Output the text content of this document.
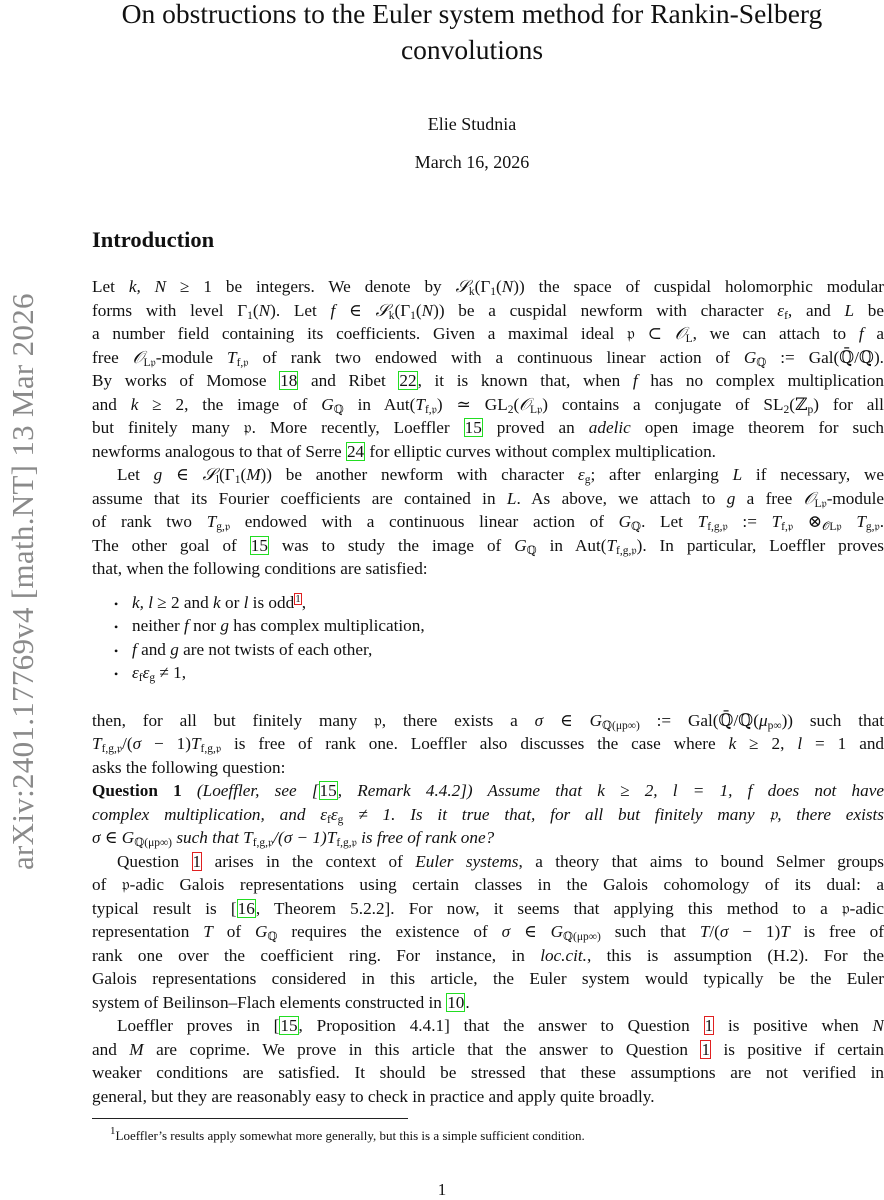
On obstructions to the Euler system method for Rankin-Selberg
convolutions
Elie Studnia
March 16, 2026
arXiv:2401.17769v4 [math.NT] 13 Mar 2026
Introduction
Let k, N ≥ 1 be integers. We denote by $𝒮_k(\Gamma_1(N))$ the space of cuspidal holomorphic modular
forms with level $\Gamma_1(N)$. Let f ∈ $𝒮_k(\Gamma_1(N))$ be a cuspidal newform with character $\varepsilon_f$, and L be
a number field containing its coefficients. Given a maximal ideal 𝔭 ⊂ 𝒪$_L$, we can attach to f a
free 𝒪$_{L𝔭}$-module $T_{f,𝔭}$ of rank two endowed with a continuous linear action of $G_ℚ$ := Gal(ℚ̄/ℚ).
By works of Momose 18 and Ribet 22, it is known that, when f has no complex multiplication
and k ≥ 2, the image of $G_ℚ$ in $Aut(T_{f,𝔭})$ ≃ $GL_2(𝒪_{L𝔭})$ contains a conjugate of $SL_2(ℤ_p)$ for all
but finitely many 𝔭. More recently, Loeffler 15 proved an adelic open image theorem for such
newforms analogous to that of Serre 24 for elliptic curves without complex multiplication.
Let g ∈ $𝒮_l(\Gamma_1(M))$ be another newform with character $\varepsilon_g$; after enlarging L if necessary, we
assume that its Fourier coefficients are contained in L. As above, we attach to g a free 𝒪$_{L𝔭}$-module
of rank two $T_{g,𝔭}$ endowed with a continuous linear action of $G_ℚ$. Let $T_{f,g,𝔭}$ := $T_{f,𝔭}$ $\otimes_{𝒪L𝔭}$ $T_{g,𝔭}$.
The other goal of 15 was to study the image of $G_ℚ$ in $Aut(T_{f,g,𝔭})$. In particular, Loeffler proves
that, when the following conditions are satisfied:
• k, l ≥ 2 and k or l is odd$^1$,
• neither f nor g has complex multiplication,
• f and g are not twists of each other,
• $\varepsilon_f\varepsilon_g \ne 1$,
then, for all but finitely many 𝔭, there exists a σ ∈ $G_{ℚ(\mu p\infty)}$ := $Gal(ℚ̄/ℚ(\mu_{p\infty}))$ such that
$T_{f,g,𝔭}/(\sigma - 1)T_{f,g,𝔭}$ is free of rank one. Loeffler also discusses the case where k ≥ 2, l = 1 and
asks the following question:
Question 1 (Loeffler, see [15, Remark 4.4.2]) Assume that k ≥ 2, l = 1, f does not have
complex multiplication, and $\varepsilon_f\varepsilon_g \ne 1$. Is it true that, for all but finitely many 𝔭, there exists
σ ∈ $G_{ℚ(\mu p\infty)}$ such that $T_{f,g,𝔭}/(\sigma - 1)T_{f,g,𝔭}$ is free of rank one?
Question 1 arises in the context of Euler systems, a theory that aims to bound Selmer groups
of 𝔭-adic Galois representations using certain classes in the Galois cohomology of its dual: a
typical result is [16, Theorem 5.2.2]. For now, it seems that applying this method to a 𝔭-adic
representation T of $G_ℚ$ requires the existence of σ ∈ $G_{ℚ(\mu p\infty)}$ such that T/(σ − 1)T is free of
rank one over the coefficient ring. For instance, in loc.cit., this is assumption (H.2). For the
Galois representations considered in this article, the Euler system would typically be the Euler
system of Beilinson–Flach elements constructed in 10.
Loeffler proves in [15, Proposition 4.4.1] that the answer to Question 1 is positive when N
and M are coprime. We prove in this article that the answer to Question 1 is positive if certain
weaker conditions are satisfied. It should be stressed that these assumptions are not verified in
general, but they are reasonably easy to check in practice and apply quite broadly.
$^1$Loeffler’s results apply somewhat more generally, but this is a simple sufficient condition.
1
